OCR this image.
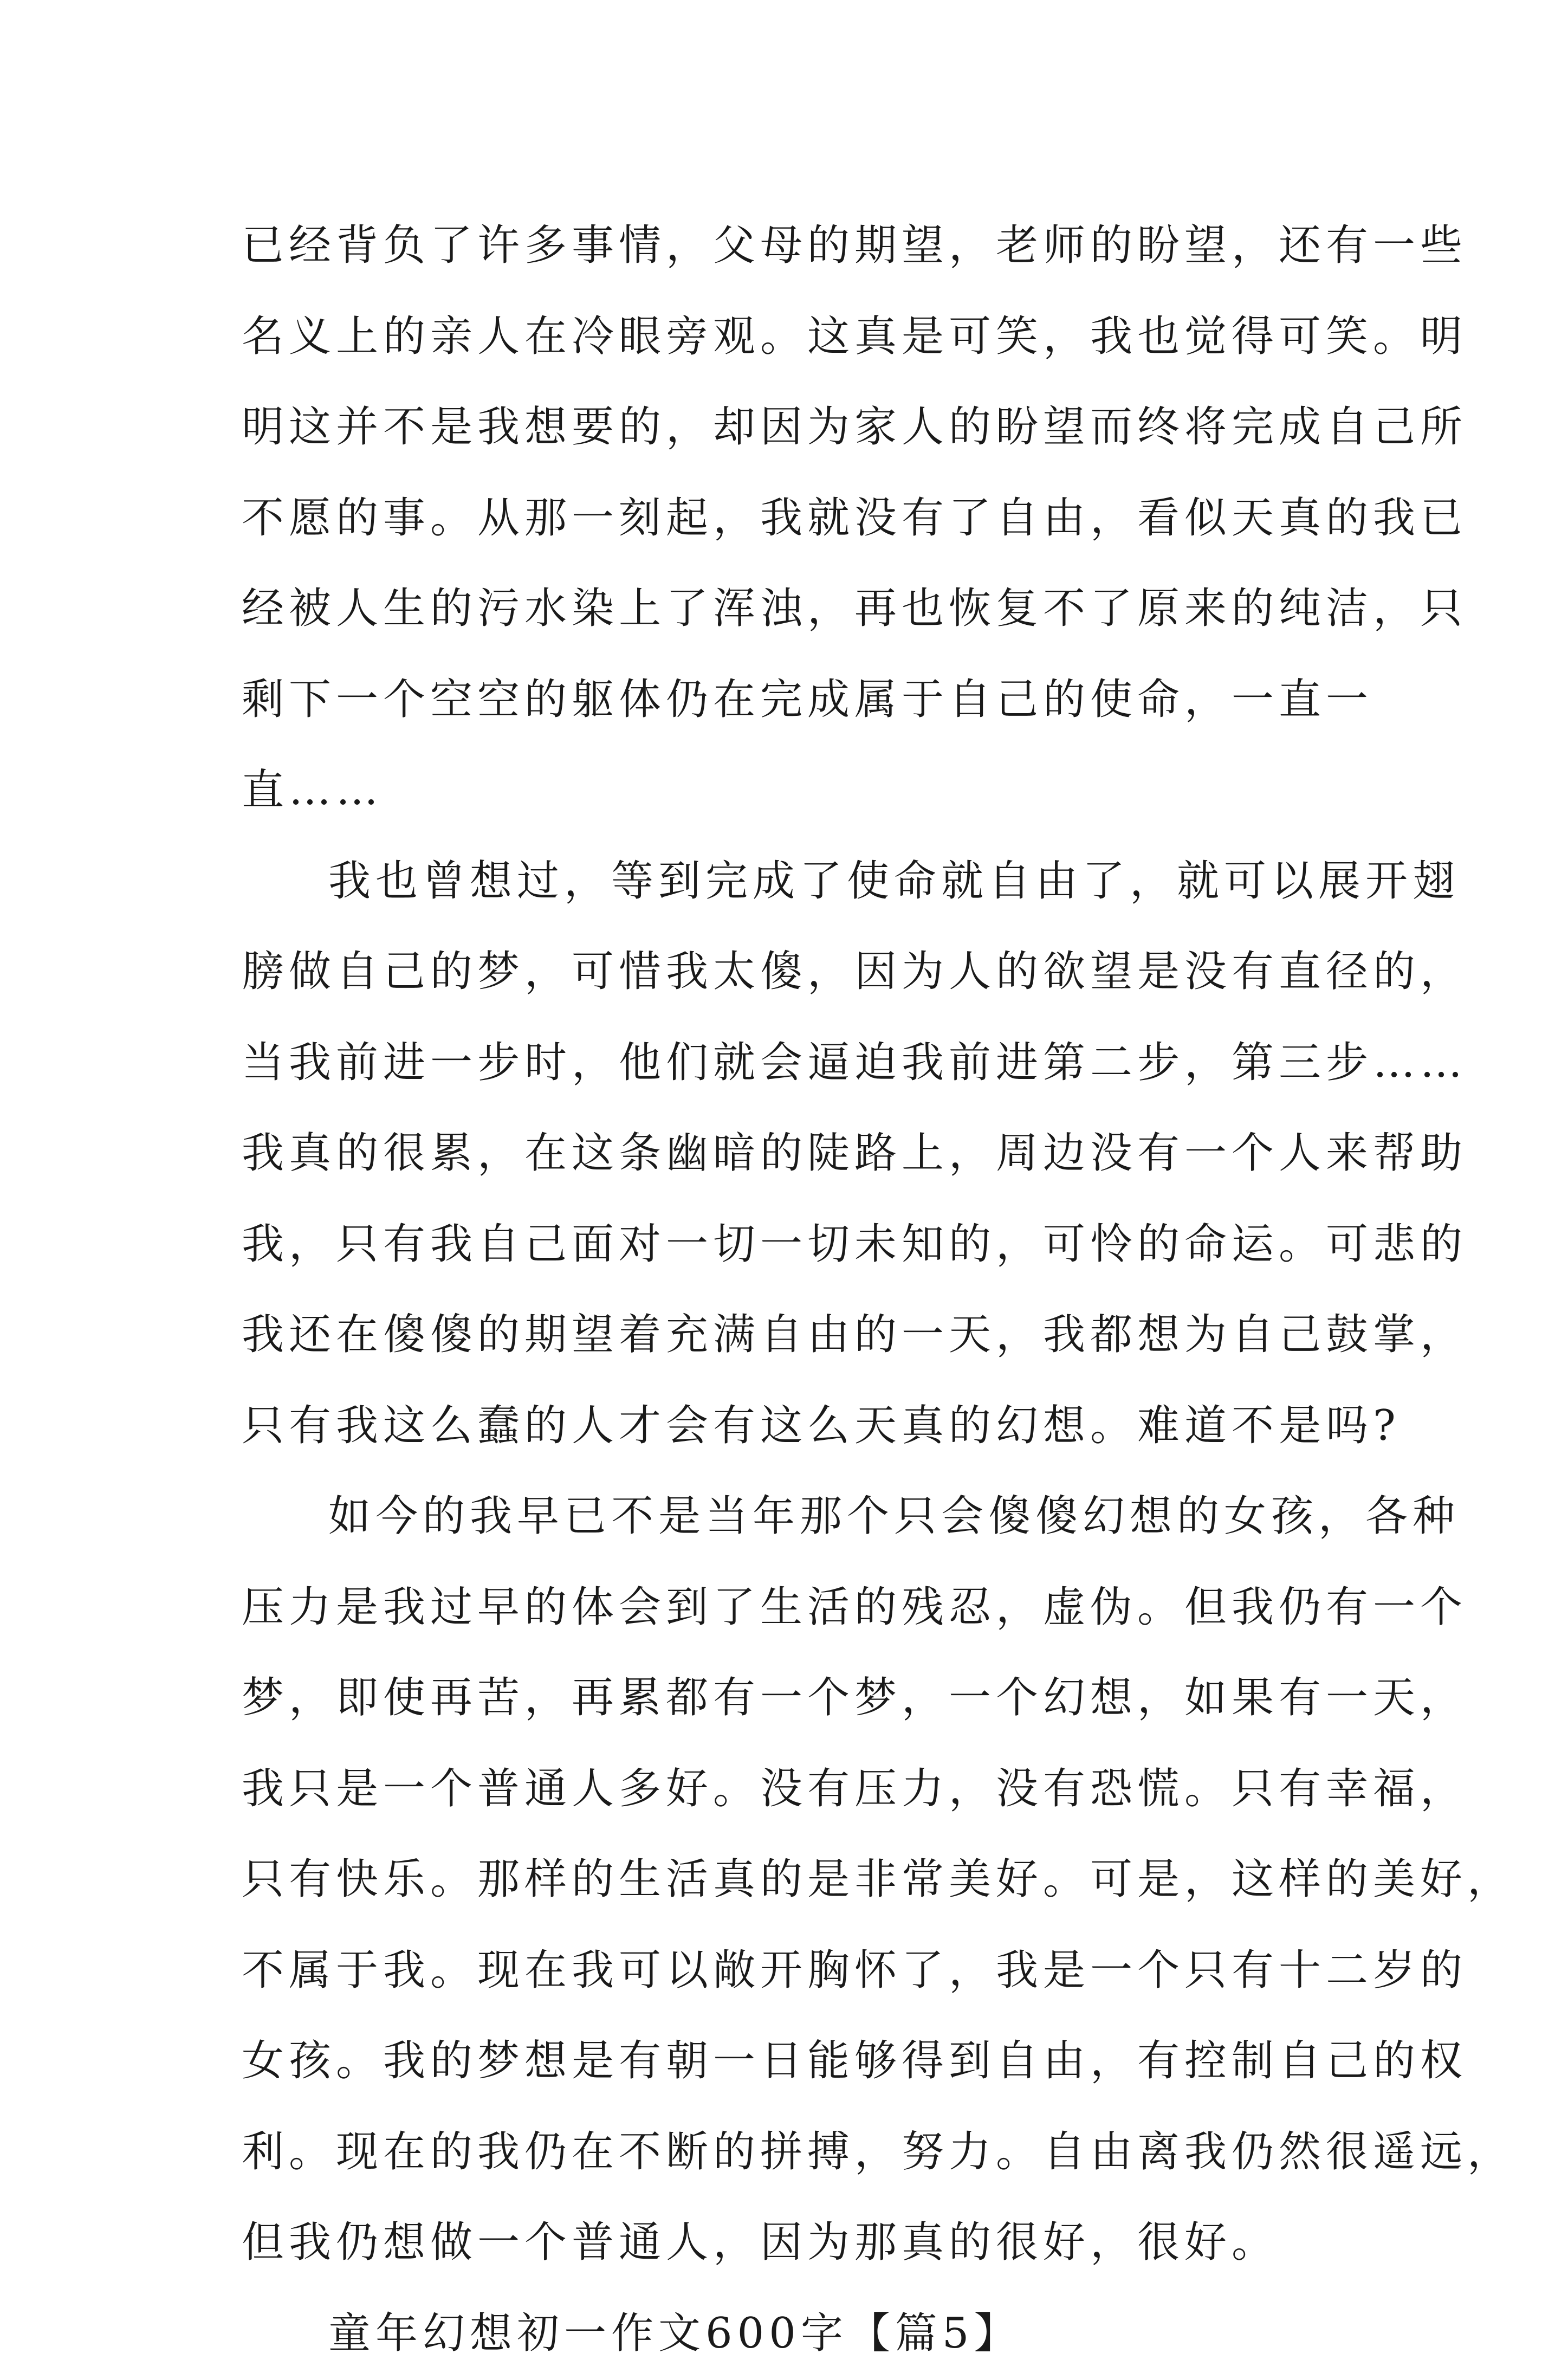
已经背负了许多事情，父母的期望，老师的盼望，还有一些
名义上的亲人在冷眼旁观。这真是可笑，我也觉得可笑。明
明这并不是我想要的，却因为家人的盼望而终将完成自己所
不愿的事。从那一刻起，我就没有了自由，看似天真的我已
经被人生的污水染上了浑浊，再也恢复不了原来的纯洁，只
剩下一个空空的躯体仍在完成属于自己的使命，一直一
直……
我也曾想过，等到完成了使命就自由了，就可以展开翅
膀做自己的梦，可惜我太傻，因为人的欲望是没有直径的，
当我前进一步时，他们就会逼迫我前进第二步，第三步……
我真的很累，在这条幽暗的陡路上，周边没有一个人来帮助
我，只有我自己面对一切一切未知的，可怜的命运。可悲的
我还在傻傻的期望着充满自由的一天，我都想为自己鼓掌，
只有我这么蠢的人才会有这么天真的幻想。难道不是吗?
如今的我早已不是当年那个只会傻傻幻想的女孩，各种
压力是我过早的体会到了生活的残忍，虚伪。但我仍有一个
梦，即使再苦，再累都有一个梦，一个幻想，如果有一天，
我只是一个普通人多好。没有压力，没有恐慌。只有幸福，
只有快乐。那样的生活真的是非常美好。可是，这样的美好，
不属于我。现在我可以敞开胸怀了，我是一个只有十二岁的
女孩。我的梦想是有朝一日能够得到自由，有控制自己的权
利。现在的我仍在不断的拼搏，努力。自由离我仍然很遥远，
但我仍想做一个普通人，因为那真的很好，很好。
童年幻想初一作文600字【篇5】
